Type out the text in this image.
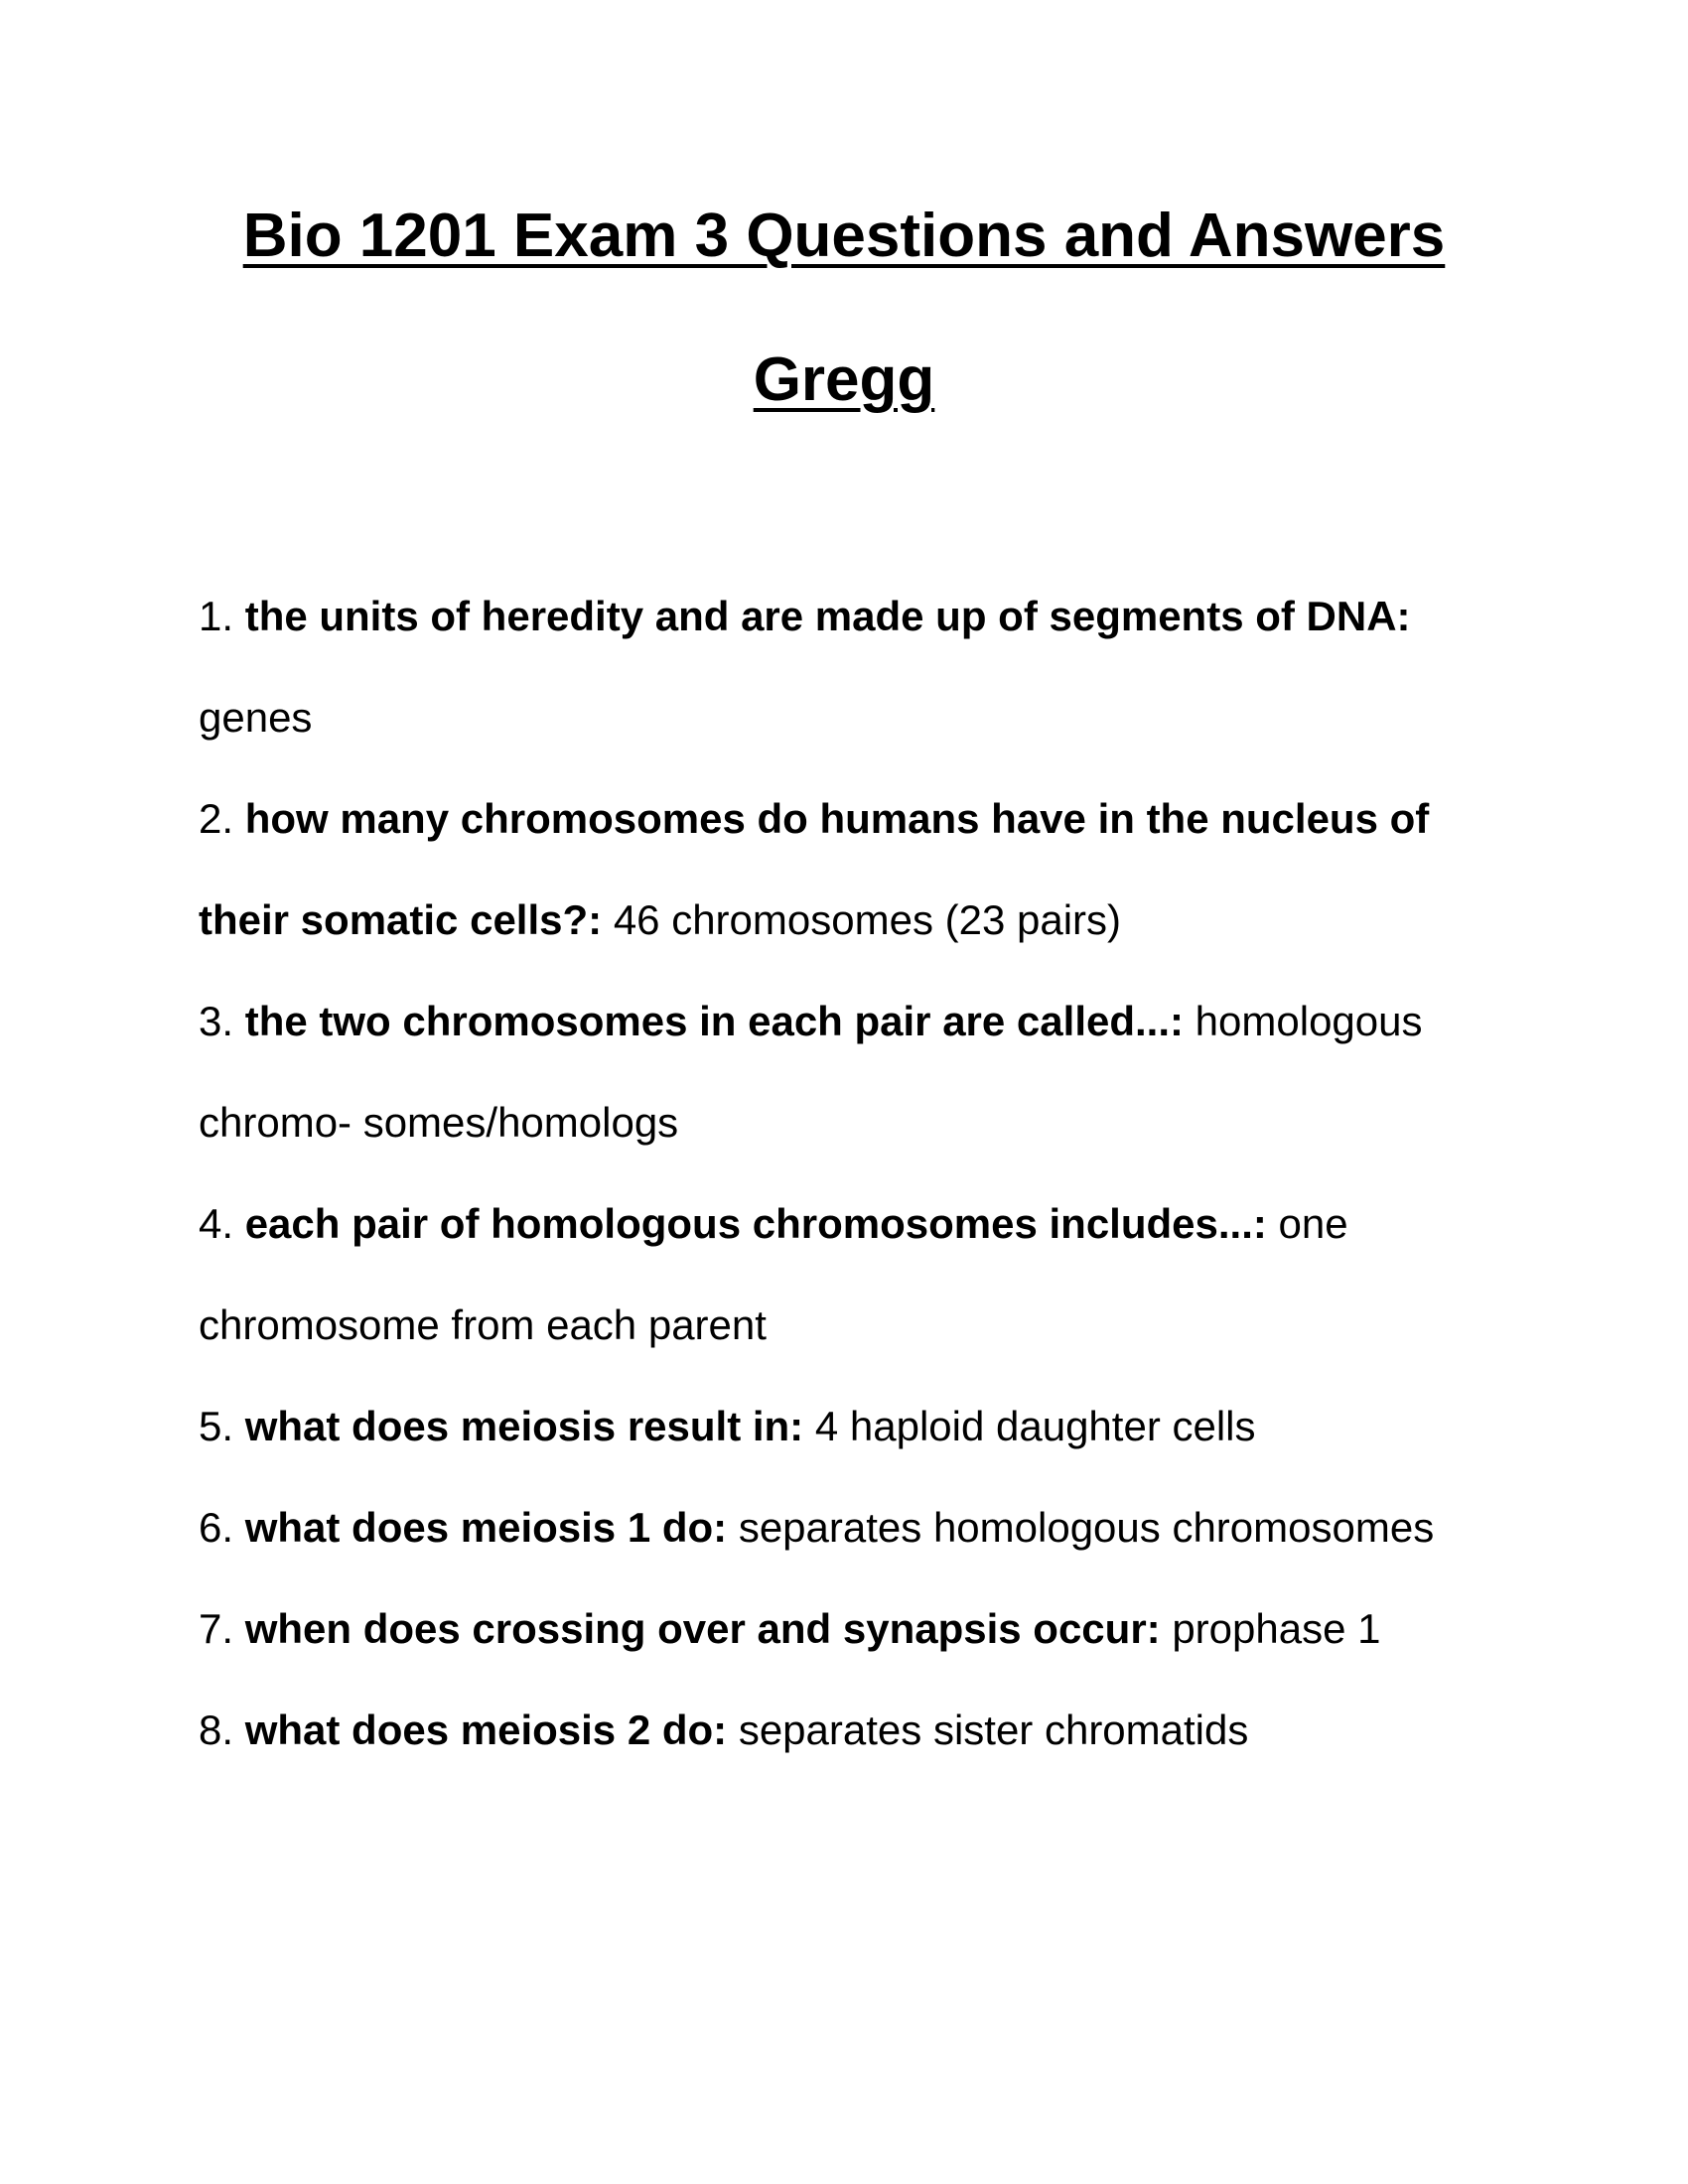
Bio 1201 Exam 3 Questions and Answers
Gregg
1. the units of heredity and are made up of segments of DNA: genes
2. how many chromosomes do humans have in the nucleus of their somatic cells?: 46 chromosomes (23 pairs)
3. the two chromosomes in each pair are called...: homologous chromo- somes/homologs
4. each pair of homologous chromosomes includes...: one chromosome from each parent
5. what does meiosis result in: 4 haploid daughter cells
6. what does meiosis 1 do: separates homologous chromosomes
7. when does crossing over and synapsis occur: prophase 1
8. what does meiosis 2 do: separates sister chromatids
